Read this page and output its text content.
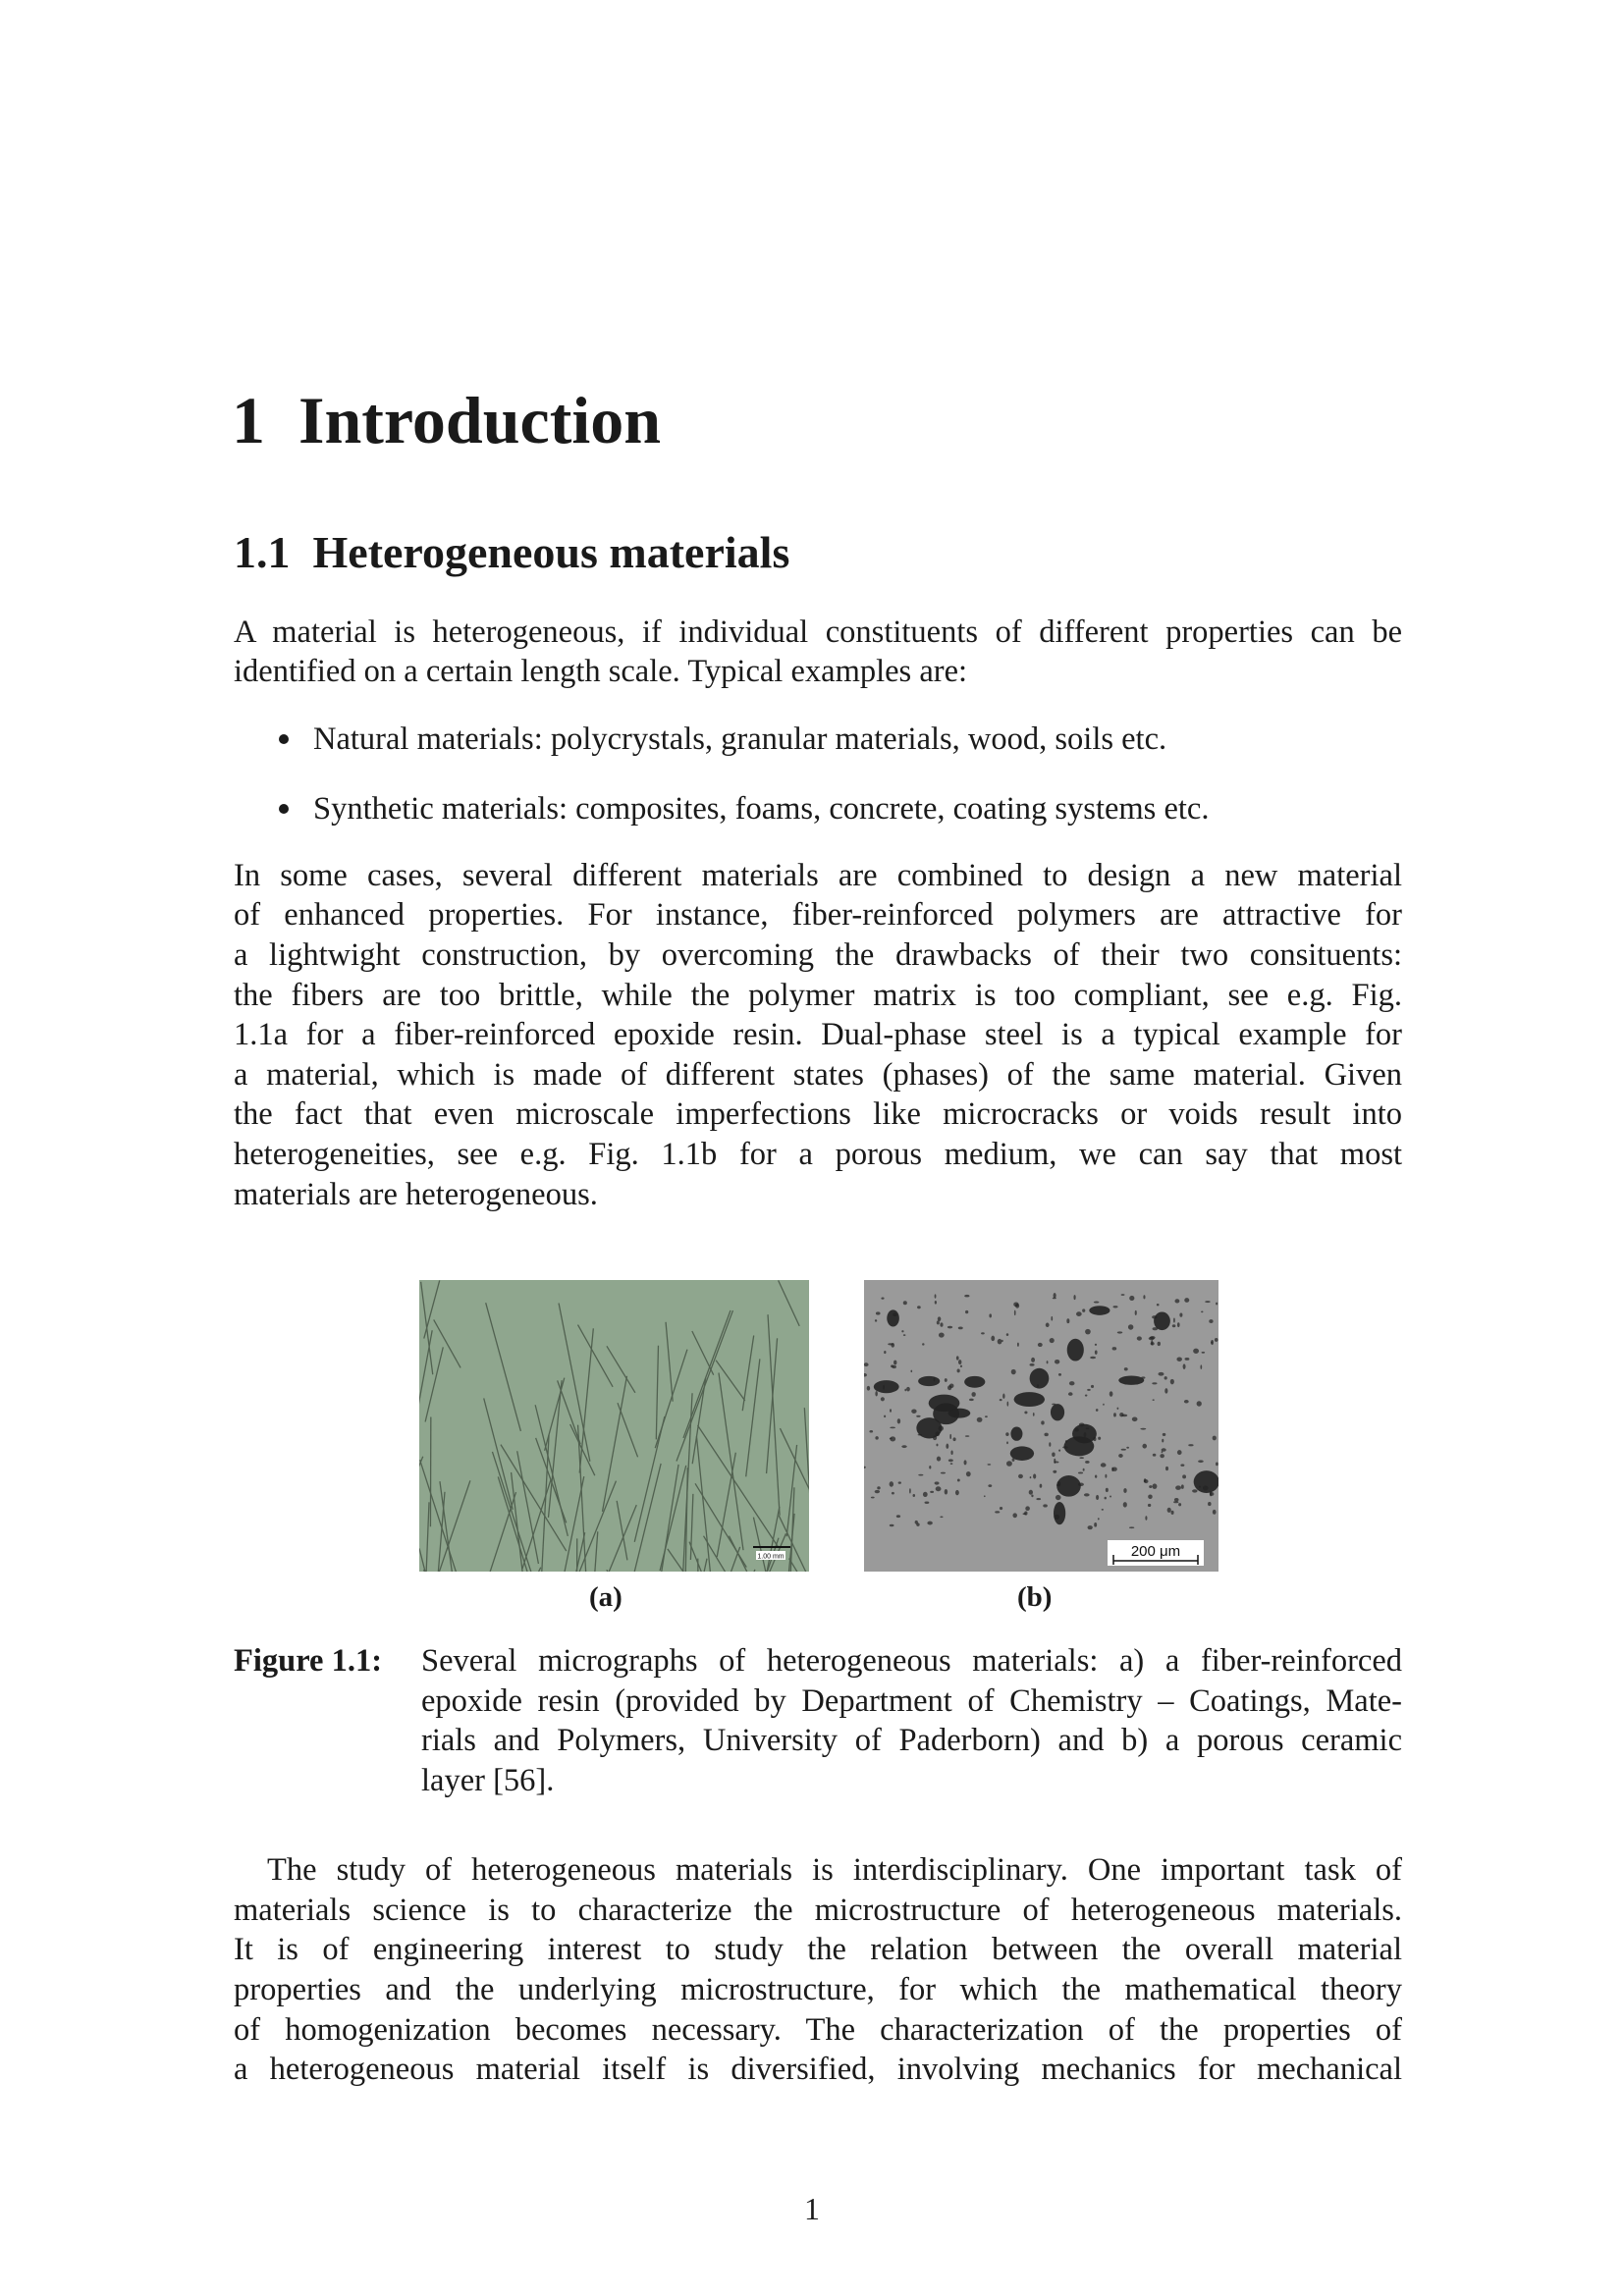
1 Introduction
1.1 Heterogeneous materials
A material is heterogeneous, if individual constituents of different properties can be
identified on a certain length scale. Typical examples are:
Natural materials: polycrystals, granular materials, wood, soils etc.
Synthetic materials: composites, foams, concrete, coating systems etc.
In some cases, several different materials are combined to design a new material
of enhanced properties. For instance, fiber-reinforced polymers are attractive for
a lightwight construction, by overcoming the drawbacks of their two consituents:
the fibers are too brittle, while the polymer matrix is too compliant, see e.g. Fig.
1.1a for a fiber-reinforced epoxide resin. Dual-phase steel is a typical example for
a material, which is made of different states (phases) of the same material. Given
the fact that even microscale imperfections like microcracks or voids result into
heterogeneities, see e.g. Fig. 1.1b for a porous medium, we can say that most
materials are heterogeneous.
1.00 mm	200 μm
(a)	(b)
Figure 1.1: Several micrographs of heterogeneous materials: a) a fiber-reinforced
epoxide resin (provided by Department of Chemistry – Coatings, Mate-
rials and Polymers, University of Paderborn) and b) a porous ceramic
layer [56].
The study of heterogeneous materials is interdisciplinary. One important task of
materials science is to characterize the microstructure of heterogeneous materials.
It is of engineering interest to study the relation between the overall material
properties and the underlying microstructure, for which the mathematical theory
of homogenization becomes necessary. The characterization of the properties of
a heterogeneous material itself is diversified, involving mechanics for mechanical
1
